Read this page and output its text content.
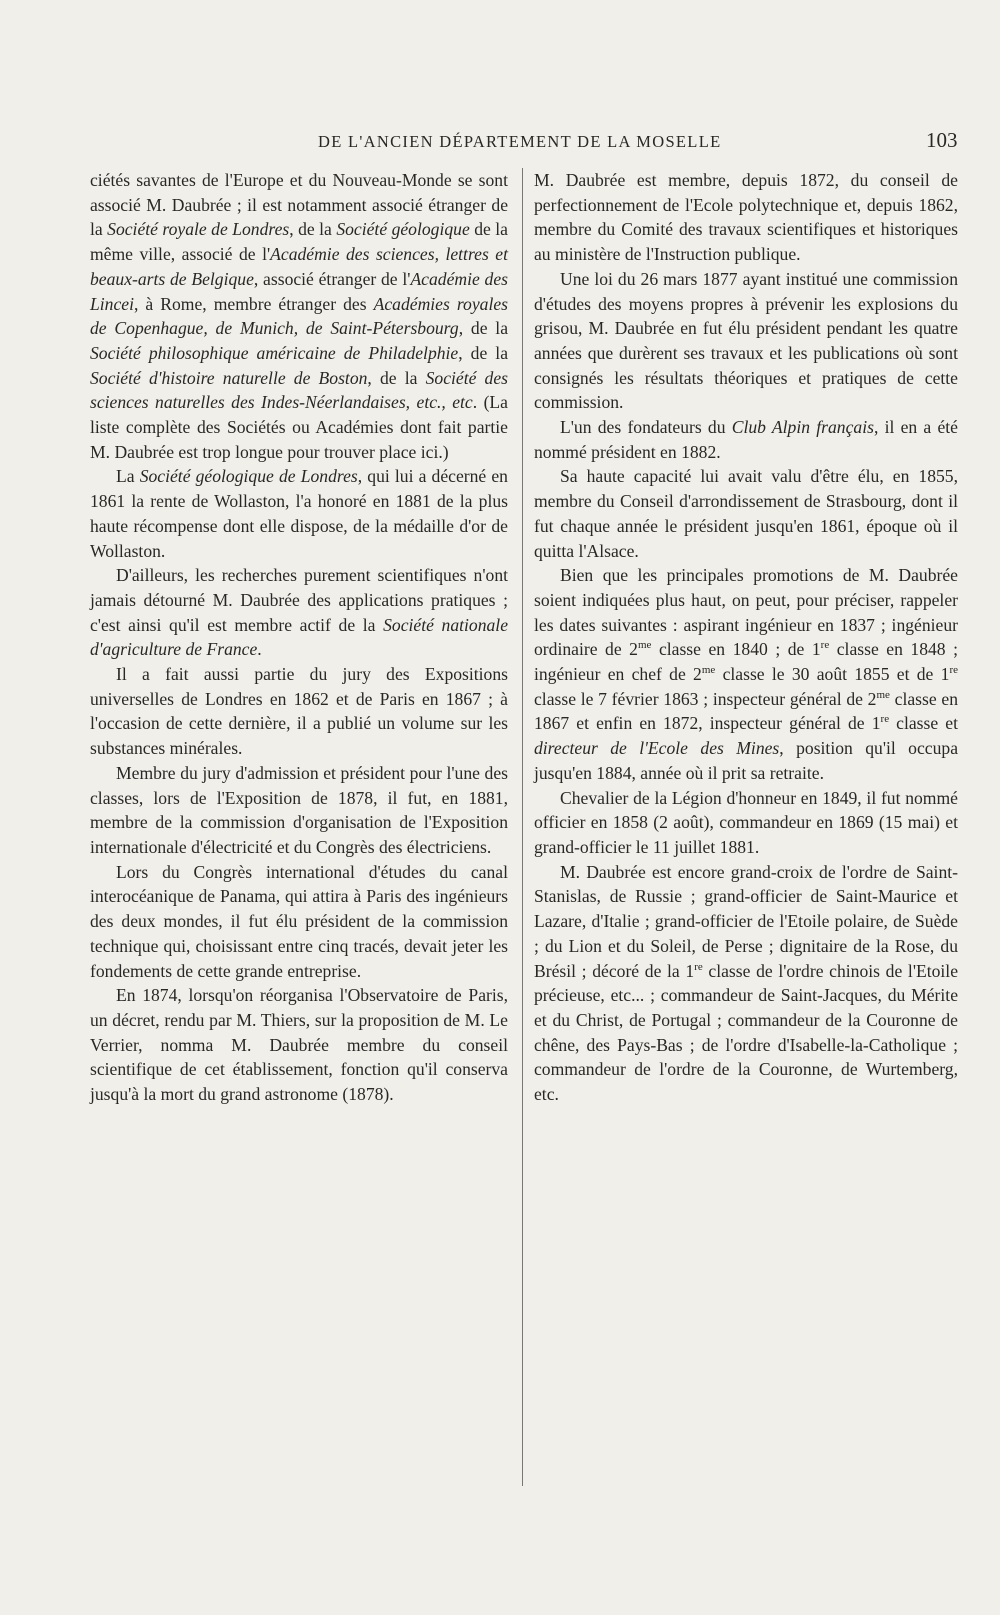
DE L'ANCIEN DÉPARTEMENT DE LA MOSELLE	103

ciétés savantes de l'Europe et du Nouveau-Monde se sont associé M. Daubrée ; il est notamment associé étranger de la Société royale de Londres, de la Société géologique de la même ville, associé de l'Académie des sciences, lettres et beaux-arts de Belgique, associé étranger de l'Académie des Lincei, à Rome, membre étranger des Académies royales de Copenhague, de Munich, de Saint-Pétersbourg, de la Société philosophique américaine de Philadelphie, de la Société d'histoire naturelle de Boston, de la Société des sciences naturelles des Indes-Néerlandaises, etc., etc. (La liste complète des Sociétés ou Académies dont fait partie M. Daubrée est trop longue pour trouver place ici.)

La Société géologique de Londres, qui lui a décerné en 1861 la rente de Wollaston, l'a honoré en 1881 de la plus haute récompense dont elle dispose, de la médaille d'or de Wollaston.

D'ailleurs, les recherches purement scientifiques n'ont jamais détourné M. Daubrée des applications pratiques ; c'est ainsi qu'il est membre actif de la Société nationale d'agriculture de France.

Il a fait aussi partie du jury des Expositions universelles de Londres en 1862 et de Paris en 1867 ; à l'occasion de cette dernière, il a publié un volume sur les substances minérales.

Membre du jury d'admission et président pour l'une des classes, lors de l'Exposition de 1878, il fut, en 1881, membre de la commission d'organisation de l'Exposition internationale d'électricité et du Congrès des électriciens.

Lors du Congrès international d'études du canal interocéanique de Panama, qui attira à Paris des ingénieurs des deux mondes, il fut élu président de la commission technique qui, choisissant entre cinq tracés, devait jeter les fondements de cette grande entreprise.

En 1874, lorsqu'on réorganisa l'Observatoire de Paris, un décret, rendu par M. Thiers, sur la proposition de M. Le Verrier, nomma M. Daubrée membre du conseil scientifique de cet établissement, fonction qu'il conserva jusqu'à la mort du grand astronome (1878).

M. Daubrée est membre, depuis 1872, du conseil de perfectionnement de l'Ecole polytechnique et, depuis 1862, membre du Comité des travaux scientifiques et historiques au ministère de l'Instruction publique.

Une loi du 26 mars 1877 ayant institué une commission d'études des moyens propres à prévenir les explosions du grisou, M. Daubrée en fut élu président pendant les quatre années que durèrent ses travaux et les publications où sont consignés les résultats théoriques et pratiques de cette commission.

L'un des fondateurs du Club Alpin français, il en a été nommé président en 1882.

Sa haute capacité lui avait valu d'être élu, en 1855, membre du Conseil d'arrondissement de Strasbourg, dont il fut chaque année le président jusqu'en 1861, époque où il quitta l'Alsace.

Bien que les principales promotions de M. Daubrée soient indiquées plus haut, on peut, pour préciser, rappeler les dates suivantes : aspirant ingénieur en 1837 ; ingénieur ordinaire de $2^{me}$ classe en 1840 ; de 1re classe en 1848 ; ingénieur en chef de $2^{me}$ classe le 30 août 1855 et de 1re classe le 7 février 1863 ; inspecteur général de $2^{me}$ classe en 1867 et enfin en 1872, inspecteur général de 1re classe et directeur de l'Ecole des Mines, position qu'il occupa jusqu'en 1884, année où il prit sa retraite.

Chevalier de la Légion d'honneur en 1849, il fut nommé officier en 1858 (2 août), commandeur en 1869 (15 mai) et grand-officier le 11 juillet 1881.

M. Daubrée est encore grand-croix de l'ordre de Saint-Stanislas, de Russie ; grand-officier de Saint-Maurice et Lazare, d'Italie ; grand-officier de l'Etoile polaire, de Suède ; du Lion et du Soleil, de Perse ; dignitaire de la Rose, du Brésil ; décoré de la 1re classe de l'ordre chinois de l'Etoile précieuse, etc... ; commandeur de Saint-Jacques, du Mérite et du Christ, de Portugal ; commandeur de la Couronne de chêne, des Pays-Bas ; de l'ordre d'Isabelle-la-Catholique ; commandeur de l'ordre de la Couronne, de Wurtemberg, etc.
